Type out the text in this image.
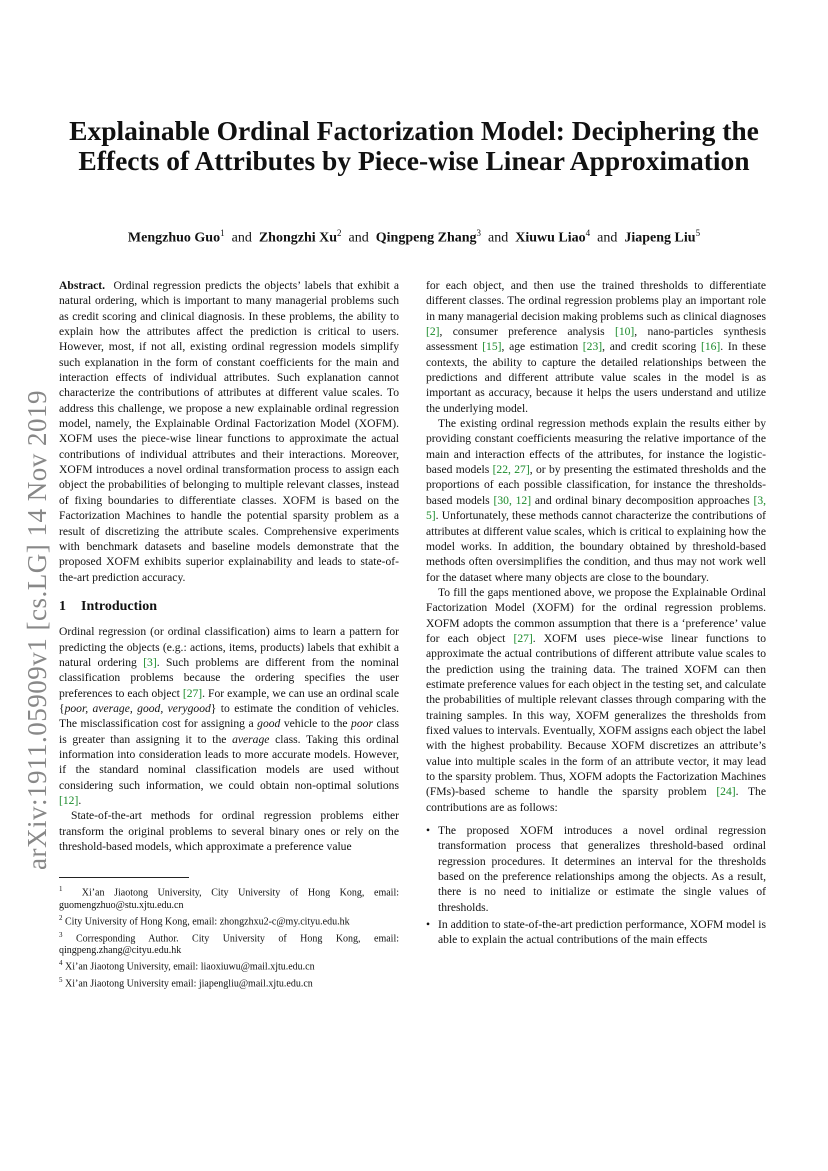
arXiv:1911.05909v1 [cs.LG] 14 Nov 2019
Explainable Ordinal Factorization Model: Deciphering the Effects of Attributes by Piece-wise Linear Approximation
Mengzhuo Guo$^1$ and Zhongzhi Xu$^2$ and Qingpeng Zhang$^3$ and Xiuwu Liao$^4$ and Jiapeng Liu$^5$

Abstract. Ordinal regression predicts the objects’ labels that exhibit a natural ordering, which is important to many managerial problems such as credit scoring and clinical diagnosis. In these problems, the ability to explain how the attributes affect the prediction is critical to users. However, most, if not all, existing ordinal regression models simplify such explanation in the form of constant coefficients for the main and interaction effects of individual attributes. Such explanation cannot characterize the contributions of attributes at different value scales. To address this challenge, we propose a new explainable ordinal regression model, namely, the Explainable Ordinal Factorization Model (XOFM). XOFM uses the piece-wise linear functions to approximate the actual contributions of individual attributes and their interactions. Moreover, XOFM introduces a novel ordinal transformation process to assign each object the probabilities of belonging to multiple relevant classes, instead of fixing boundaries to differentiate classes. XOFM is based on the Factorization Machines to handle the potential sparsity problem as a result of discretizing the attribute scales. Comprehensive experiments with benchmark datasets and baseline models demonstrate that the proposed XOFM exhibits superior explainability and leads to state-of-the-art prediction accuracy.

1 Introduction

Ordinal regression (or ordinal classification) aims to learn a pattern for predicting the objects (e.g.: actions, items, products) labels that exhibit a natural ordering [3]. Such problems are different from the nominal classification problems because the ordering specifies the user preferences to each object [27]. For example, we can use an ordinal scale {poor, average, good, verygood} to estimate the condition of vehicles. The misclassification cost for assigning a good vehicle to the poor class is greater than assigning it to the average class. Taking this ordinal information into consideration leads to more accurate models. However, if the standard nominal classification models are used without considering such information, we could obtain non-optimal solutions [12].

State-of-the-art methods for ordinal regression problems either transform the original problems to several binary ones or rely on the threshold-based models, which approximate a preference value

$^1$ Xi’an Jiaotong University, City University of Hong Kong, email: guomengzhuo@stu.xjtu.edu.cn
$^2$ City University of Hong Kong, email: zhongzhxu2-c@my.cityu.edu.hk
$^3$ Corresponding Author. City University of Hong Kong, email: qingpeng.zhang@cityu.edu.hk
$^4$ Xi’an Jiaotong University, email: liaoxiuwu@mail.xjtu.edu.cn
$^5$ Xi’an Jiaotong University email: jiapengliu@mail.xjtu.edu.cn

for each object, and then use the trained thresholds to differentiate different classes. The ordinal regression problems play an important role in many managerial decision making problems such as clinical diagnoses [2], consumer preference analysis [10], nano-particles synthesis assessment [15], age estimation [23], and credit scoring [16]. In these contexts, the ability to capture the detailed relationships between the predictions and different attribute value scales in the model is as important as accuracy, because it helps the users understand and utilize the underlying model.

The existing ordinal regression methods explain the results either by providing constant coefficients measuring the relative importance of the main and interaction effects of the attributes, for instance the logistic-based models [22, 27], or by presenting the estimated thresholds and the proportions of each possible classification, for instance the thresholds-based models [30, 12] and ordinal binary decomposition approaches [3, 5]. Unfortunately, these methods cannot characterize the contributions of attributes at different value scales, which is critical to explaining how the model works. In addition, the boundary obtained by threshold-based methods often oversimplifies the condition, and thus may not work well for the dataset where many objects are close to the boundary.

To fill the gaps mentioned above, we propose the Explainable Ordinal Factorization Model (XOFM) for the ordinal regression problems. XOFM adopts the common assumption that there is a ‘preference’ value for each object [27]. XOFM uses piece-wise linear functions to approximate the actual contributions of different attribute value scales to the prediction using the training data. The trained XOFM can then estimate preference values for each object in the testing set, and calculate the probabilities of multiple relevant classes through comparing with the training samples. In this way, XOFM generalizes the thresholds from fixed values to intervals. Eventually, XOFM assigns each object the label with the highest probability. Because XOFM discretizes an attribute’s value into multiple scales in the form of an attribute vector, it may lead to the sparsity problem. Thus, XOFM adopts the Factorization Machines (FMs)-based scheme to handle the sparsity problem [24]. The contributions are as follows:

• The proposed XOFM introduces a novel ordinal regression transformation process that generalizes threshold-based ordinal regression procedures. It determines an interval for the thresholds based on the preference relationships among the objects. As a result, there is no need to initialize or estimate the single values of thresholds.
• In addition to state-of-the-art prediction performance, XOFM model is able to explain the actual contributions of the main effects
